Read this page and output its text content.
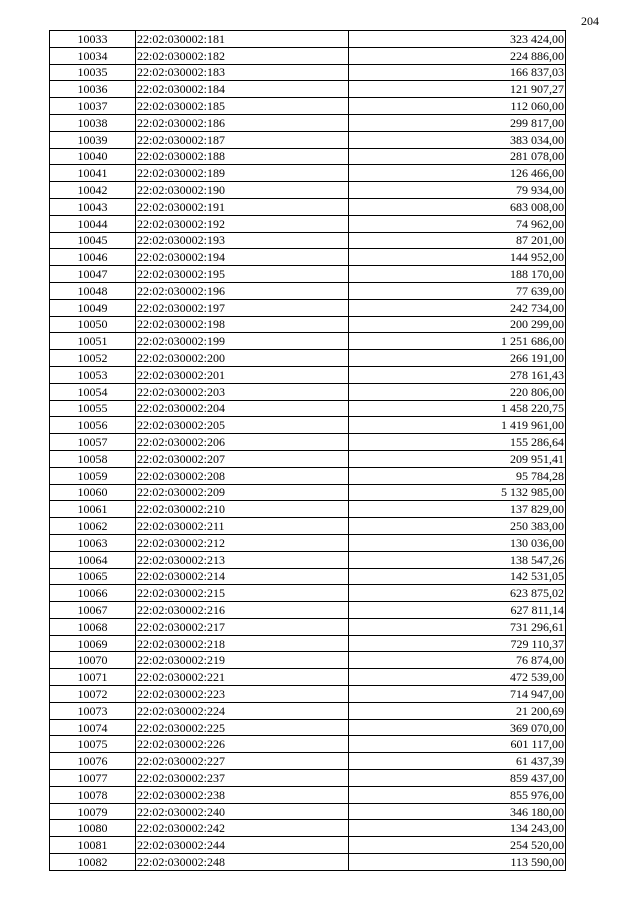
204
10033	22:02:030002:181	323 424,00
10034	22:02:030002:182	224 886,00
10035	22:02:030002:183	166 837,03
10036	22:02:030002:184	121 907,27
10037	22:02:030002:185	112 060,00
10038	22:02:030002:186	299 817,00
10039	22:02:030002:187	383 034,00
10040	22:02:030002:188	281 078,00
10041	22:02:030002:189	126 466,00
10042	22:02:030002:190	79 934,00
10043	22:02:030002:191	683 008,00
10044	22:02:030002:192	74 962,00
10045	22:02:030002:193	87 201,00
10046	22:02:030002:194	144 952,00
10047	22:02:030002:195	188 170,00
10048	22:02:030002:196	77 639,00
10049	22:02:030002:197	242 734,00
10050	22:02:030002:198	200 299,00
10051	22:02:030002:199	1 251 686,00
10052	22:02:030002:200	266 191,00
10053	22:02:030002:201	278 161,43
10054	22:02:030002:203	220 806,00
10055	22:02:030002:204	1 458 220,75
10056	22:02:030002:205	1 419 961,00
10057	22:02:030002:206	155 286,64
10058	22:02:030002:207	209 951,41
10059	22:02:030002:208	95 784,28
10060	22:02:030002:209	5 132 985,00
10061	22:02:030002:210	137 829,00
10062	22:02:030002:211	250 383,00
10063	22:02:030002:212	130 036,00
10064	22:02:030002:213	138 547,26
10065	22:02:030002:214	142 531,05
10066	22:02:030002:215	623 875,02
10067	22:02:030002:216	627 811,14
10068	22:02:030002:217	731 296,61
10069	22:02:030002:218	729 110,37
10070	22:02:030002:219	76 874,00
10071	22:02:030002:221	472 539,00
10072	22:02:030002:223	714 947,00
10073	22:02:030002:224	21 200,69
10074	22:02:030002:225	369 070,00
10075	22:02:030002:226	601 117,00
10076	22:02:030002:227	61 437,39
10077	22:02:030002:237	859 437,00
10078	22:02:030002:238	855 976,00
10079	22:02:030002:240	346 180,00
10080	22:02:030002:242	134 243,00
10081	22:02:030002:244	254 520,00
10082	22:02:030002:248	113 590,00
